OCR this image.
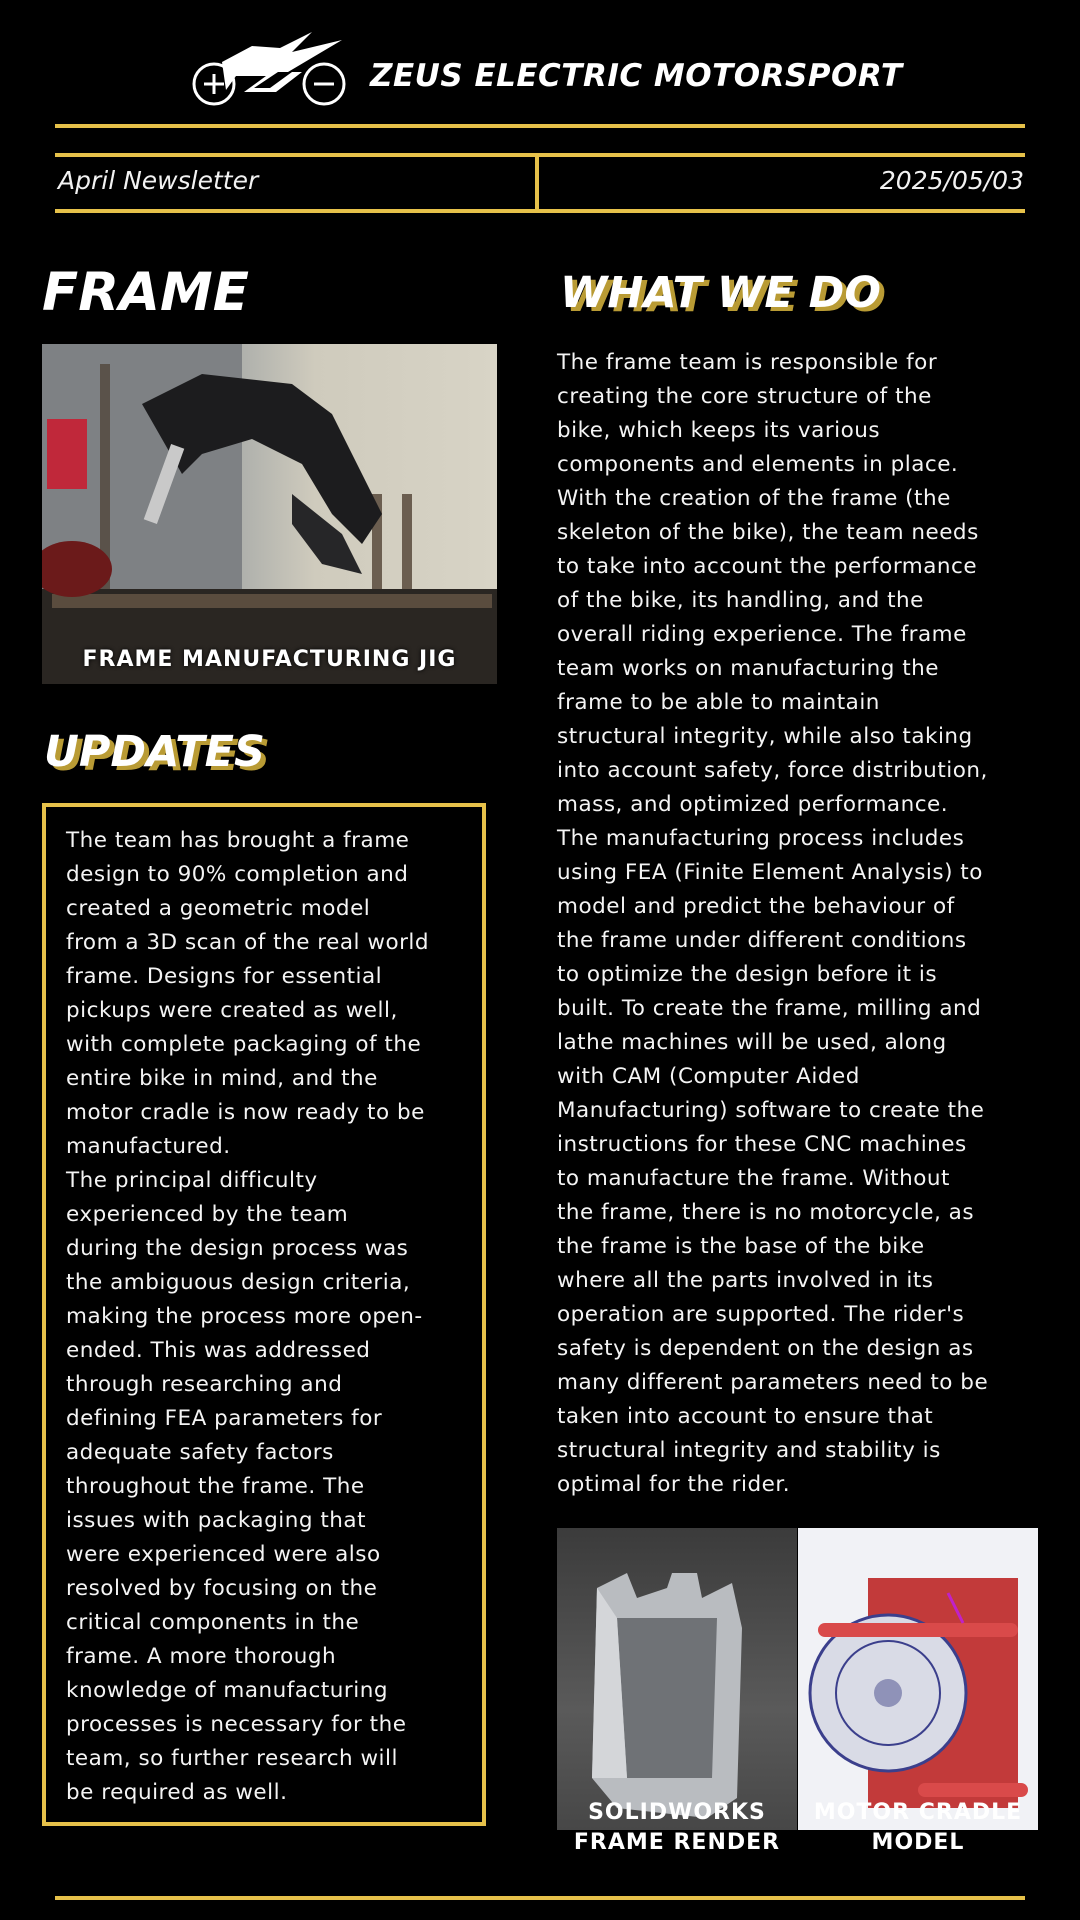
ZEUS ELECTRIC MOTORSPORT
April Newsletter	2025/05/03
FRAME
FRAME MANUFACTURING JIG
WHAT WE DO
The frame team is responsible for
creating the core structure of the
bike, which keeps its various
components and elements in place.
With the creation of the frame (the
skeleton of the bike), the team needs
to take into account the performance
of the bike, its handling, and the
overall riding experience. The frame
team works on manufacturing the
frame to be able to maintain
structural integrity, while also taking
into account safety, force distribution,
mass, and optimized performance.
The manufacturing process includes
using FEA (Finite Element Analysis) to
model and predict the behaviour of
the frame under different conditions
to optimize the design before it is
built. To create the frame, milling and
lathe machines will be used, along
with CAM (Computer Aided
Manufacturing) software to create the
instructions for these CNC machines
to manufacture the frame. Without
the frame, there is no motorcycle, as
the frame is the base of the bike
where all the parts involved in its
operation are supported. The rider's
safety is dependent on the design as
many different parameters need to be
taken into account to ensure that
structural integrity and stability is
optimal for the rider.
UPDATES
The team has brought a frame
design to 90% completion and
created a geometric model
from a 3D scan of the real world
frame. Designs for essential
pickups were created as well,
with complete packaging of the
entire bike in mind, and the
motor cradle is now ready to be
manufactured.
The principal difficulty
experienced by the team
during the design process was
the ambiguous design criteria,
making the process more open-
ended. This was addressed
through researching and
defining FEA parameters for
adequate safety factors
throughout the frame. The
issues with packaging that
were experienced were also
resolved by focusing on the
critical components in the
frame. A more thorough
knowledge of manufacturing
processes is necessary for the
team, so further research will
be required as well.
SOLIDWORKS
FRAME RENDER
MOTOR CRADLE
MODEL
